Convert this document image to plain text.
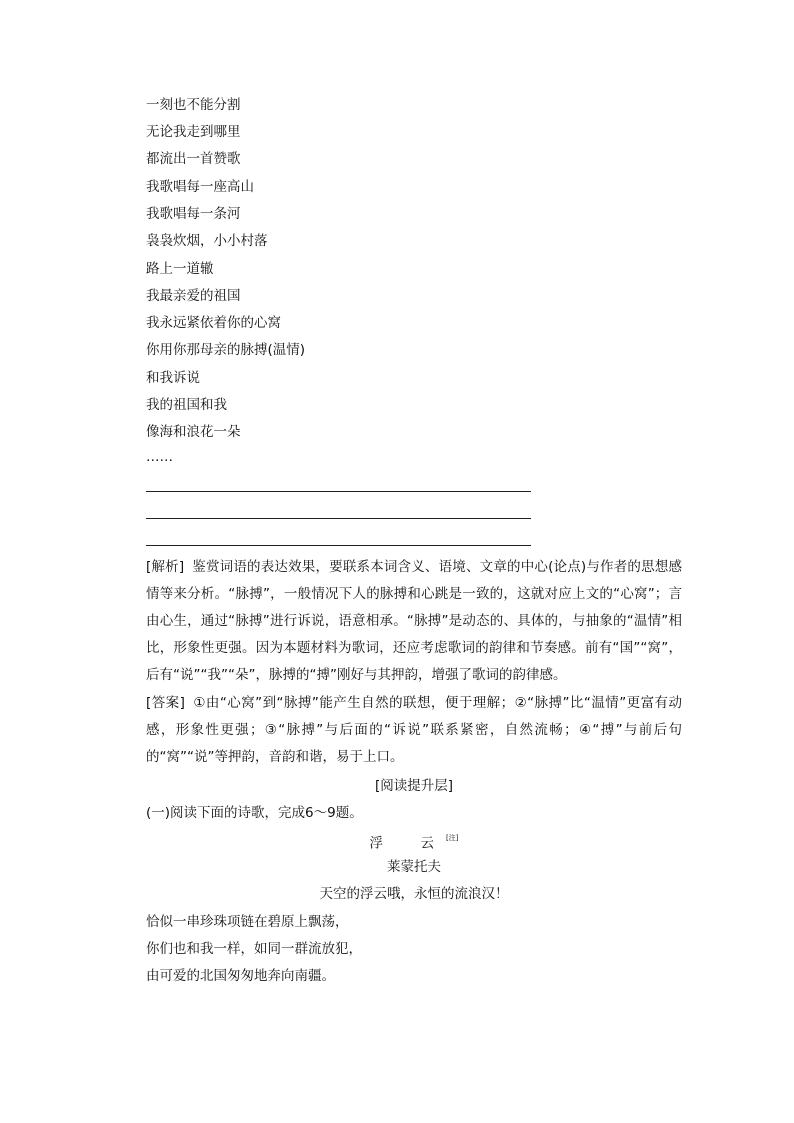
一刻也不能分割
无论我走到哪里
都流出一首赞歌
我歌唱每一座高山
我歌唱每一条河
袅袅炊烟，小小村落
路上一道辙
我最亲爱的祖国
我永远紧依着你的心窝
你用你那母亲的脉搏(温情)
和我诉说
我的祖国和我
像海和浪花一朵
……
[解析] 鉴赏词语的表达效果，要联系本词含义、语境、文章的中心(论点)与作者的思想感情等来分析。“脉搏”，一般情况下人的脉搏和心跳是一致的，这就对应上文的“心窝”；言由心生，通过“脉搏”进行诉说，语意相承。“脉搏”是动态的、具体的，与抽象的“温情”相比，形象性更强。因为本题材料为歌词，还应考虑歌词的韵律和节奏感。前有“国”“窝”，后有“说”“我”“朵”，脉搏的“搏”刚好与其押韵，增强了歌词的韵律感。
[答案] ①由“心窝”到“脉搏”能产生自然的联想，便于理解；②“脉搏”比“温情”更富有动感，形象性更强；③“脉搏”与后面的“诉说”联系紧密，自然流畅；④“搏”与前后句的“窝”“说”等押韵，音韵和谐，易于上口。
[阅读提升层]
(一)阅读下面的诗歌，完成6～9题。
浮　云[注]
莱蒙托夫
天空的浮云哦，永恒的流浪汉！
恰似一串珍珠项链在碧原上飘荡，
你们也和我一样，如同一群流放犯，
由可爱的北国匆匆地奔向南疆。
